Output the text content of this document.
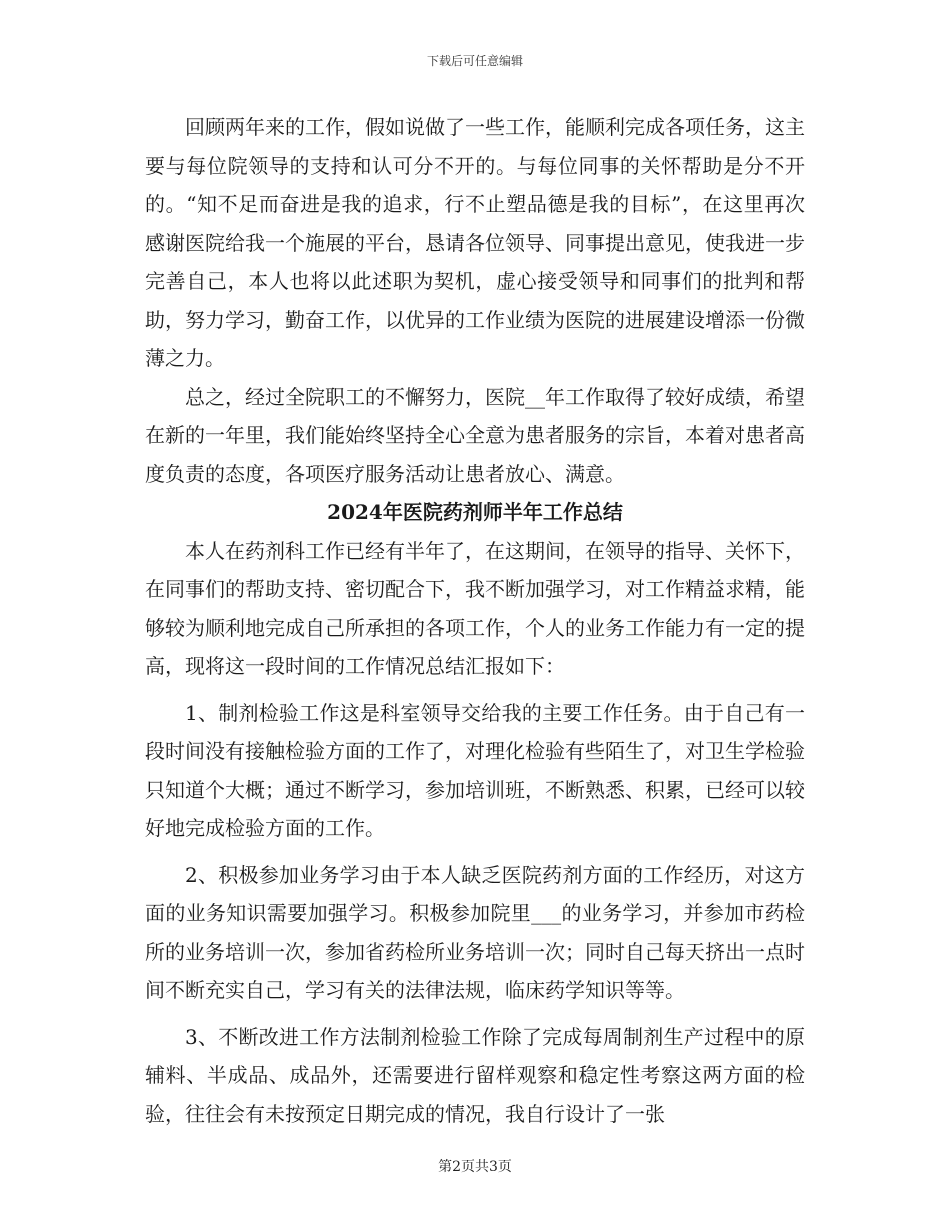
下载后可任意编辑

回顾两年来的工作，假如说做了一些工作，能顺利完成各项任务，这主要与每位院领导的支持和认可分不开的。与每位同事的关怀帮助是分不开的。“知不足而奋进是我的追求，行不止塑品德是我的目标”，在这里再次感谢医院给我一个施展的平台，恳请各位领导、同事提出意见，使我进一步完善自己，本人也将以此述职为契机，虚心接受领导和同事们的批判和帮助，努力学习，勤奋工作，以优异的工作业绩为医院的进展建设增添一份微薄之力。

总之，经过全院职工的不懈努力，医院__年工作取得了较好成绩，希望在新的一年里，我们能始终坚持全心全意为患者服务的宗旨，本着对患者高度负责的态度，各项医疗服务活动让患者放心、满意。

2024年医院药剂师半年工作总结

本人在药剂科工作已经有半年了，在这期间，在领导的指导、关怀下，在同事们的帮助支持、密切配合下，我不断加强学习，对工作精益求精，能够较为顺利地完成自己所承担的各项工作，个人的业务工作能力有一定的提高，现将这一段时间的工作情况总结汇报如下：

1、制剂检验工作这是科室领导交给我的主要工作任务。由于自己有一段时间没有接触检验方面的工作了，对理化检验有些陌生了，对卫生学检验只知道个大概；通过不断学习，参加培训班，不断熟悉、积累，已经可以较好地完成检验方面的工作。

2、积极参加业务学习由于本人缺乏医院药剂方面的工作经历，对这方面的业务知识需要加强学习。积极参加院里___的业务学习，并参加市药检所的业务培训一次，参加省药检所业务培训一次；同时自己每天挤出一点时间不断充实自己，学习有关的法律法规，临床药学知识等等。

3、不断改进工作方法制剂检验工作除了完成每周制剂生产过程中的原辅料、半成品、成品外，还需要进行留样观察和稳定性考察这两方面的检验，往往会有未按预定日期完成的情况，我自行设计了一张

第2页共3页
